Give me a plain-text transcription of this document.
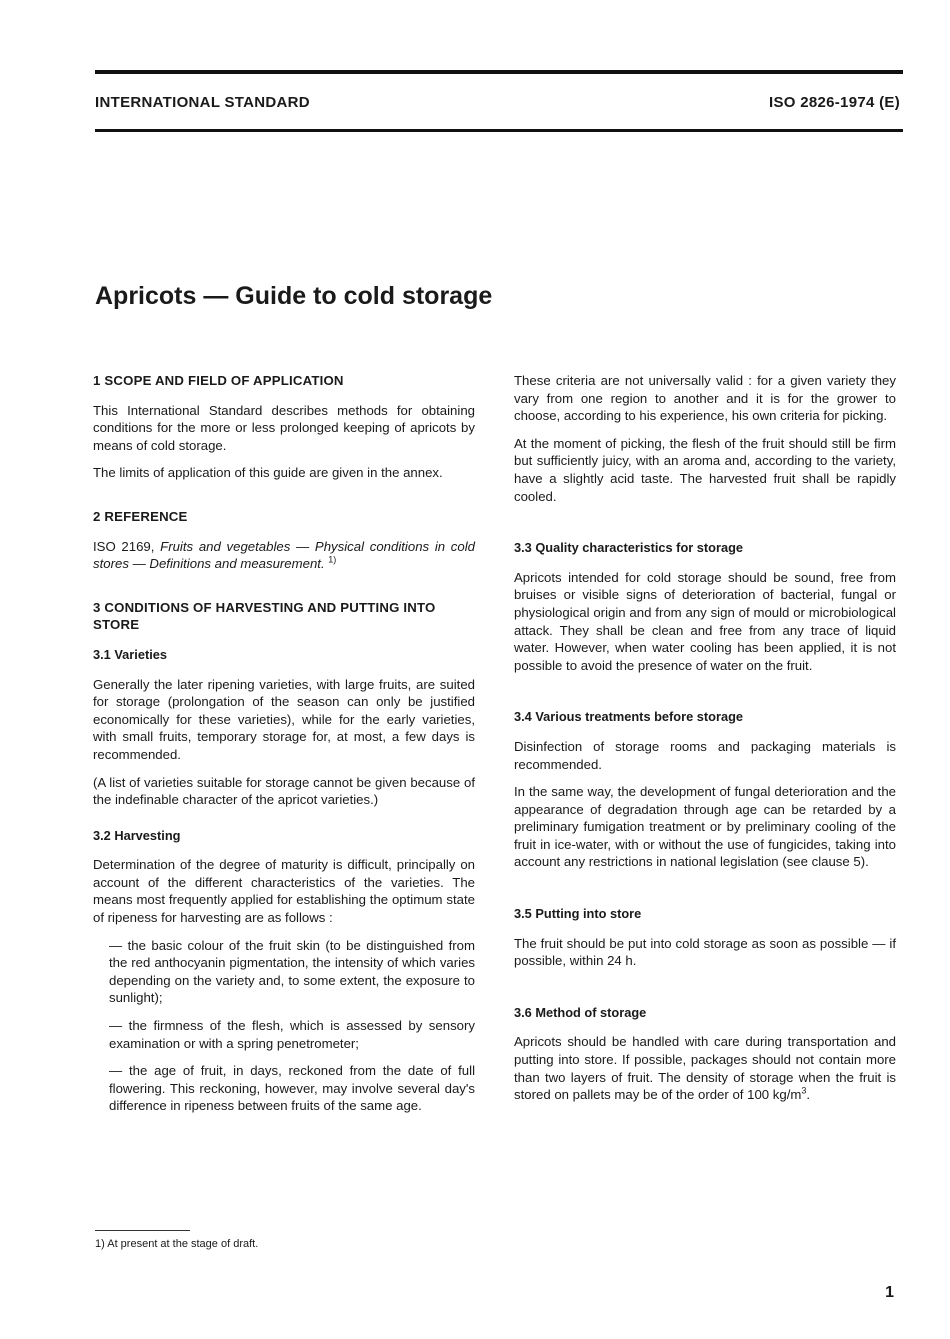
INTERNATIONAL STANDARD	ISO 2826-1974 (E)
Apricots — Guide to cold storage
1 SCOPE AND FIELD OF APPLICATION

This International Standard describes methods for obtaining conditions for the more or less prolonged keeping of apricots by means of cold storage.

The limits of application of this guide are given in the annex.

2 REFERENCE

ISO 2169, Fruits and vegetables — Physical conditions in cold stores — Definitions and measurement. $^{1)}$

3 CONDITIONS OF HARVESTING AND PUTTING INTO STORE
3.1 Varieties

Generally the later ripening varieties, with large fruits, are suited for storage (prolongation of the season can only be justified economically for these varieties), while for the early varieties, with small fruits, temporary storage for, at most, a few days is recommended.

(A list of varieties suitable for storage cannot be given because of the indefinable character of the apricot varieties.)

3.2 Harvesting

Determination of the degree of maturity is difficult, principally on account of the different characteristics of the varieties. The means most frequently applied for establishing the optimum state of ripeness for harvesting are as follows :

— the basic colour of the fruit skin (to be distinguished from the red anthocyanin pigmentation, the intensity of which varies depending on the variety and, to some extent, the exposure to sunlight);
— the firmness of the flesh, which is assessed by sensory examination or with a spring penetrometer;
— the age of fruit, in days, reckoned from the date of full flowering. This reckoning, however, may involve several day's difference in ripeness between fruits of the same age.

These criteria are not universally valid : for a given variety they vary from one region to another and it is for the grower to choose, according to his experience, his own criteria for picking.

At the moment of picking, the flesh of the fruit should still be firm but sufficiently juicy, with an aroma and, according to the variety, have a slightly acid taste. The harvested fruit shall be rapidly cooled.

3.3 Quality characteristics for storage

Apricots intended for cold storage should be sound, free from bruises or visible signs of deterioration of bacterial, fungal or physiological origin and from any sign of mould or microbiological attack. They shall be clean and free from any trace of liquid water. However, when water cooling has been applied, it is not possible to avoid the presence of water on the fruit.

3.4 Various treatments before storage

Disinfection of storage rooms and packaging materials is recommended.

In the same way, the development of fungal deterioration and the appearance of degradation through age can be retarded by a preliminary fumigation treatment or by preliminary cooling of the fruit in ice-water, with or without the use of fungicides, taking into account any restrictions in national legislation (see clause 5).

3.5 Putting into store

The fruit should be put into cold storage as soon as possible — if possible, within 24 h.

3.6 Method of storage

Apricots should be handled with care during transportation and putting into store. If possible, packages should not contain more than two layers of fruit. The density of storage when the fruit is stored on pallets may be of the order of 100 $kg/m^3$.

1) At present at the stage of draft.
1
